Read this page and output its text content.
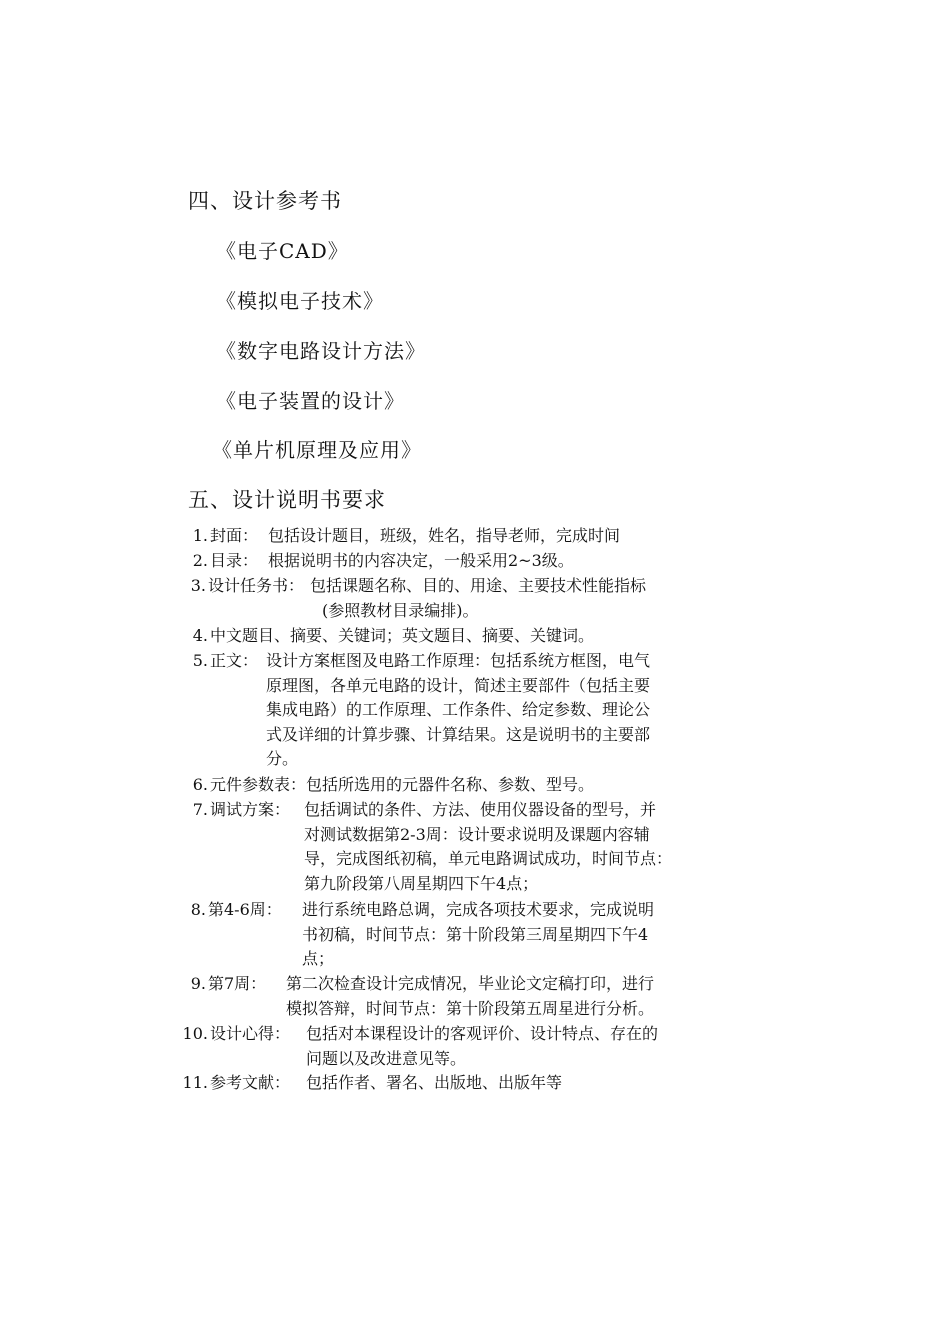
四、设计参考书
《电子CAD》
《模拟电子技术》
《数字电路设计方法》
《电子装置的设计》
《单片机原理及应用》
五、设计说明书要求
1. 封面： 包括设计题目，班级，姓名，指导老师，完成时间
2. 目录： 根据说明书的内容决定，一般采用2~3级。
3. 设计任务书： 包括课题名称、目的、用途、主要技术性能指标
(参照教材目录编排)。
4. 中文题目、摘要、关键词；英文题目、摘要、关键词。
5. 正文： 设计方案框图及电路工作原理：包括系统方框图，电气
原理图，各单元电路的设计，简述主要部件（包括主要
集成电路）的工作原理、工作条件、给定参数、理论公
式及详细的计算步骤、计算结果。这是说明书的主要部
分。
6. 元件参数表：包括所选用的元器件名称、参数、型号。
7. 调试方案： 包括调试的条件、方法、使用仪器设备的型号，并
对测试数据第2-3周：设计要求说明及课题内容辅
导，完成图纸初稿，单元电路调试成功，时间节点：
第九阶段第八周星期四下午4点；
8. 第4-6周： 进行系统电路总调，完成各项技术要求，完成说明
书初稿，时间节点：第十阶段第三周星期四下午4
点；
9. 第7周： 第二次检查设计完成情况，毕业论文定稿打印，进行
模拟答辩，时间节点：第十阶段第五周星进行分析。
10. 设计心得： 包括对本课程设计的客观评价、设计特点、存在的
问题以及改进意见等。
11. 参考文献： 包括作者、署名、出版地、出版年等
